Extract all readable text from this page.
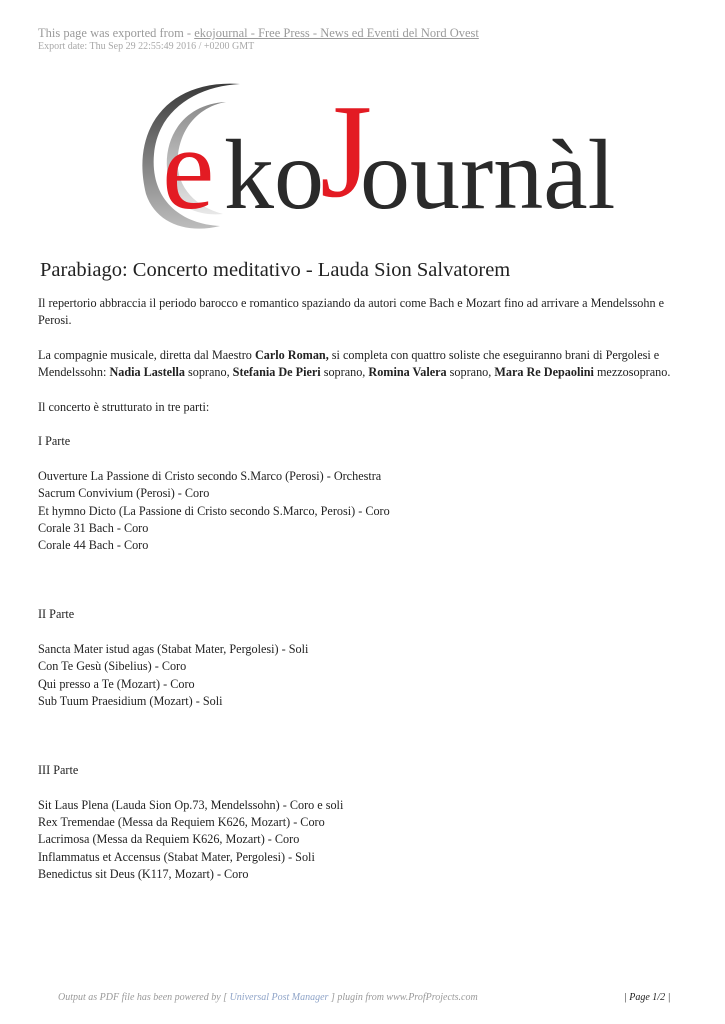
This page was exported from - ekojournal - Free Press - News ed Eventi del Nord Ovest
Export date: Thu Sep 29 22:55:49 2016 / +0200 GMT
e ko
J
ournàl
Parabiago: Concerto meditativo - Lauda Sion Salvatorem

Il repertorio abbraccia il periodo barocco e romantico spaziando da autori come Bach e Mozart fino ad arrivare a Mendelssohn e Perosi.

La compagnie musicale, diretta dal Maestro Carlo Roman, si completa con quattro soliste che eseguiranno brani di Pergolesi e Mendelssohn: Nadia Lastella soprano, Stefania De Pieri soprano, Romina Valera soprano, Mara Re Depaolini mezzosoprano.

Il concerto è strutturato in tre parti:

I Parte

Ouverture La Passione di Cristo secondo S.Marco (Perosi) - Orchestra

Sacrum Convivium (Perosi) - Coro

Et hymno Dicto (La Passione di Cristo secondo S.Marco, Perosi) - Coro

Corale 31 Bach - Coro

Corale 44 Bach - Coro

II Parte

Sancta Mater istud agas (Stabat Mater, Pergolesi) - Soli

Con Te Gesù (Sibelius) - Coro

Qui presso a Te (Mozart) - Coro

Sub Tuum Praesidium (Mozart) - Soli

III Parte

Sit Laus Plena (Lauda Sion Op.73, Mendelssohn) - Coro e soli

Rex Tremendae (Messa da Requiem K626, Mozart) - Coro

Lacrimosa (Messa da Requiem K626, Mozart) - Coro

Inflammatus et Accensus (Stabat Mater, Pergolesi) - Soli

Benedictus sit Deus (K117, Mozart) - Coro

Output as PDF file has been powered by [ Universal Post Manager ] plugin from www.ProfProjects.com	| Page 1/2 |
